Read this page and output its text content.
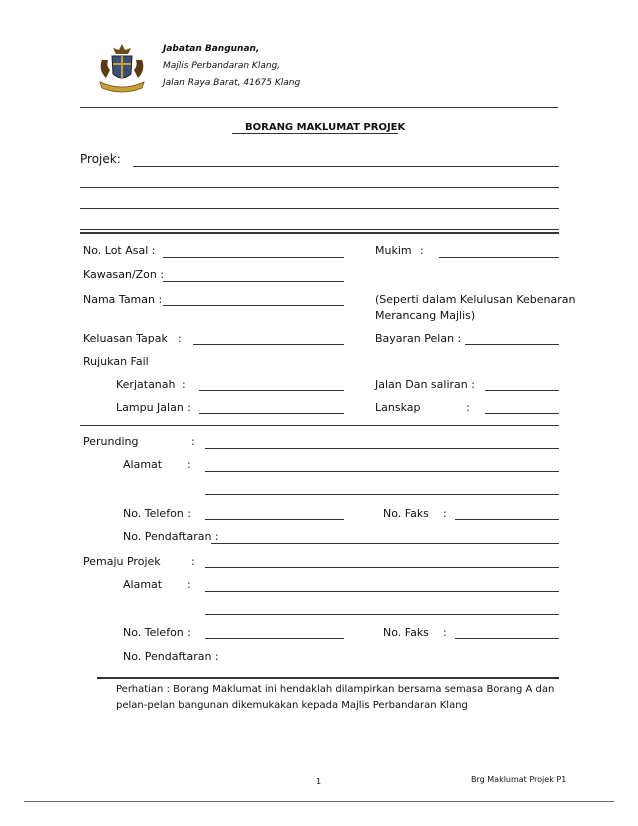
Jabatan Bangunan,
Majlis Perbandaran Klang,
Jalan Raya Barat, 41675 Klang
BORANG MAKLUMAT PROJEK
Projek:
No. Lot Asal :	Mukim :
Kawasan/Zon :
Nama Taman :	(Seperti dalam Kelulusan Kebenaran
Merancang Majlis)
Keluasan Tapak :	Bayaran Pelan :
Rujukan Fail
Kerjatanah :	Jalan Dan saliran :
Lampu Jalan :	Lanskap	:
Perunding	:
Alamat :
No. Telefon :	No. Faks :
No. Pendaftaran :
Pemaju Projek	:
Alamat :
No. Telefon :	No. Faks :
No. Pendaftaran :
Perhatian : Borang Maklumat ini hendaklah dilampirkan bersama semasa Borang A dan
pelan-pelan bangunan dikemukakan kepada Majlis Perbandaran Klang
1	Brg Maklumat Projek P1
